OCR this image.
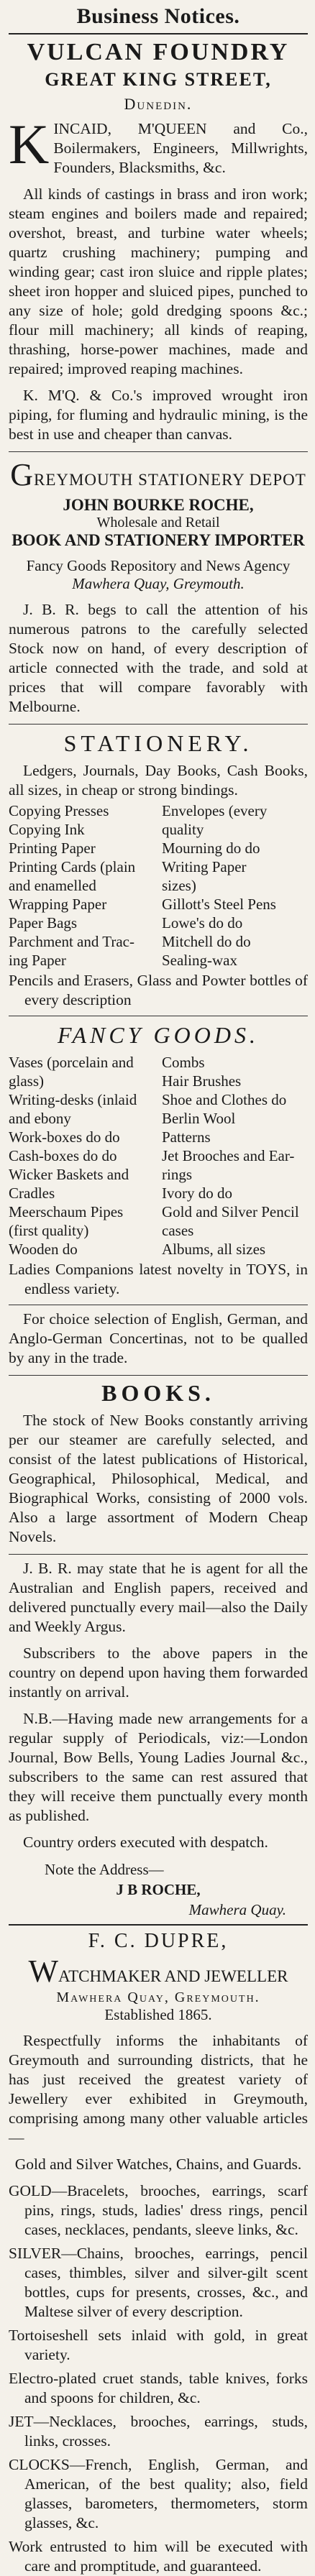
Business Notices.
VULCAN FOUNDRY
GREAT KING STREET,
Dunedin.

KINCAID, M'QUEEN and Co., Boilermakers, Engineers, Millwrights, Founders, Blacksmiths, &c.

All kinds of castings in brass and iron work; steam engines and boilers made and repaired; overshot, breast, and turbine water wheels; quartz crushing machinery; pumping and winding gear; cast iron sluice and ripple plates; sheet iron hopper and sluiced pipes, punched to any size of hole; gold dredging spoons &c.; flour mill machinery; all kinds of reaping, thrashing, horse-power machines, made and repaired; improved reaping machines.

K. M'Q. & Co.'s improved wrought iron piping, for fluming and hydraulic mining, is the best in use and cheaper than canvas.

GREYMOUTH STATIONERY DEPOT
JOHN BOURKE ROCHE,
Wholesale and Retail
BOOK AND STATIONERY IMPORTER
Fancy Goods Repository and News Agency
Mawhera Quay, Greymouth.

J. B. R. begs to call the attention of his numerous patrons to the carefully selected Stock now on hand, of every description of article connected with the trade, and sold at prices that will compare favorably with Melbourne.

STATIONERY.

Ledgers, Journals, Day Books, Cash Books, all sizes, in cheap or strong bindings.

Copying Presses	Envelopes (every
Copying Ink	quality
Printing Paper	Mourning do do
Printing Cards (plain	Writing Paper
and enamelled	sizes)
Wrapping Paper	Gillott's Steel Pens
Paper Bags	Lowe's do do
Parchment and Trac-	Mitchell do do
ing Paper	Sealing-wax

Pencils and Erasers, Glass and Powter bottles of every description

FANCY GOODS.
Vases (porcelain and	Combs
glass)	Hair Brushes
Writing-desks (inlaid	Shoe and Clothes do
and ebony	Berlin Wool
Work-boxes do do	Patterns
Cash-boxes do do	Jet Brooches and Ear-
Wicker Baskets and	rings
Cradles	Ivory do do
Meerschaum Pipes	Gold and Silver Pencil
(first quality)	cases
Wooden do	Albums, all sizes

Ladies Companions latest novelty in TOYS, in endless variety.

For choice selection of English, German, and Anglo-German Concertinas, not to be qualled by any in the trade.

BOOKS.

The stock of New Books constantly arriving per our steamer are carefully selected, and consist of the latest publications of Historical, Geographical, Philosophical, Medical, and Biographical Works, consisting of 2000 vols. Also a large assortment of Modern Cheap Novels.

J. B. R. may state that he is agent for all the Australian and English papers, received and delivered punctually every mail—also the Daily and Weekly Argus.

Subscribers to the above papers in the country on depend upon having them forwarded instantly on arrival.

N.B.—Having made new arrangements for a regular supply of Periodicals, viz:—London Journal, Bow Bells, Young Ladies Journal &c., subscribers to the same can rest assured that they will receive them punctually every month as published.

Country orders executed with despatch.

Note the Address—
J B ROCHE,
Mawhera Quay.
F. C. DUPRE,
WATCHMAKER AND JEWELLER
Mawhera Quay, Greymouth.
Established 1865.

Respectfully informs the inhabitants of Greymouth and surrounding districts, that he has just received the greatest variety of Jewellery ever exhibited in Greymouth, comprising among many other valuable articles—

Gold and Silver Watches, Chains, and Guards.

GOLD—Bracelets, brooches, earrings, scarf pins, rings, studs, ladies' dress rings, pencil cases, necklaces, pendants, sleeve links, &c.

SILVER—Chains, brooches, earrings, pencil cases, thimbles, silver and silver-gilt scent bottles, cups for presents, crosses, &c., and Maltese silver of every description.

Tortoiseshell sets inlaid with gold, in great variety.

Electro-plated cruet stands, table knives, forks and spoons for children, &c.

JET—Necklaces, brooches, earrings, studs, links, crosses.

CLOCKS—French, English, German, and American, of the best quality; also, field glasses, barometers, thermometers, storm glasses, &c.

Work entrusted to him will be executed with care and promptitude, and guaranteed.
